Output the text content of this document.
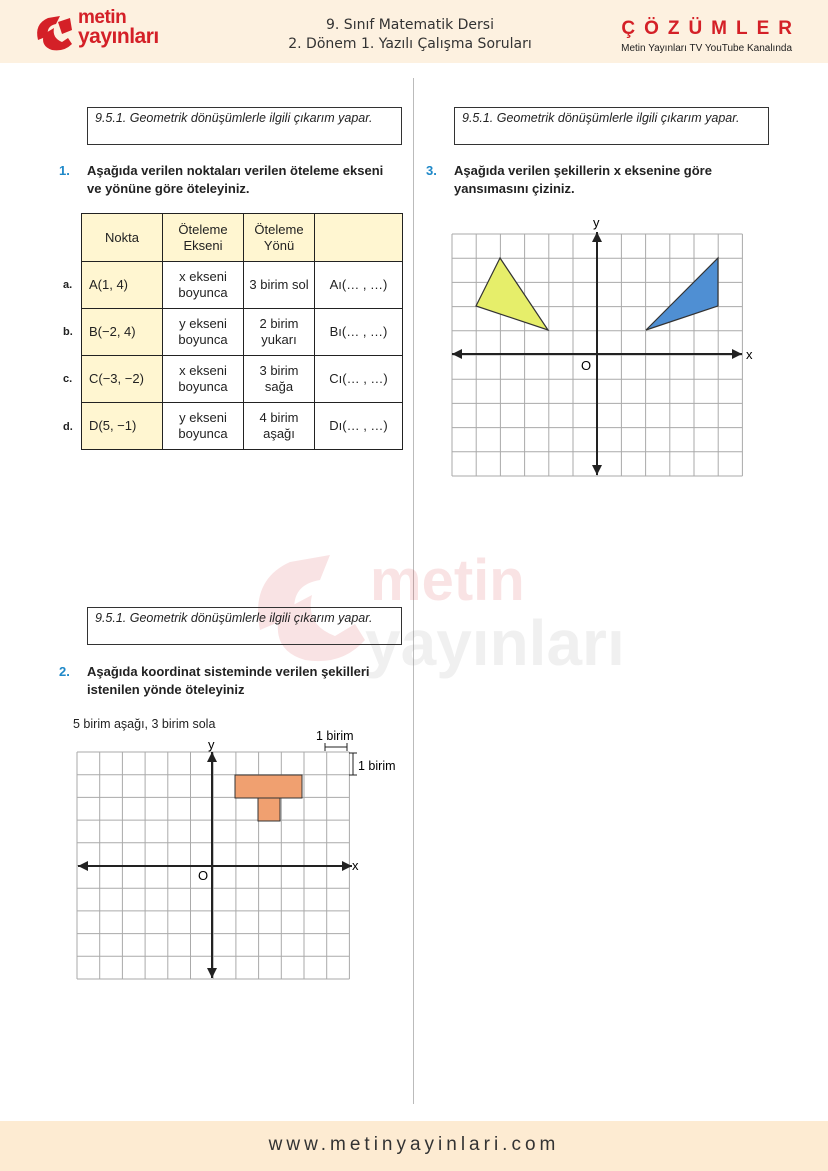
metin
yayınları	9. Sınıf Matematik Dersi
2. Dönem 1. Yazılı Çalışma Soruları
ÇÖZÜMLER
Metin Yayınları TV YouTube Kanalında
metin
yayınları
9.5.1. Geometrik dönüşümlerle ilgili çıkarım yapar.
1. Aşağıda verilen noktaları verilen öteleme ekseni ve yönüne göre öteleyiniz.
Nokta	Öteleme Ekseni	Öteleme Yönü	
A(1, 4)	x ekseni boyunca	3 birim sol	Aı(… , …)
B(−2, 4)	y ekseni boyunca	2 birim yukarı	Bı(… , …)
C(−3, −2)	x ekseni boyunca	3 birim sağa	Cı(… , …)
D(5, −1)	y ekseni boyunca	4 birim aşağı	Dı(… , …)
a.
b.
c.
d.
9.5.1. Geometrik dönüşümlerle ilgili çıkarım yapar.
2. Aşağıda koordinat sisteminde verilen şekilleri istenilen yönde öteleyiniz
5 birim aşağı, 3 birim sola
x
y
O
1 birim
1 birim
9.5.1. Geometrik dönüşümlerle ilgili çıkarım yapar.
3. Aşağıda verilen şekillerin x eksenine göre yansımasını çiziniz.
x
y
O
www.metinyayinlari.com
